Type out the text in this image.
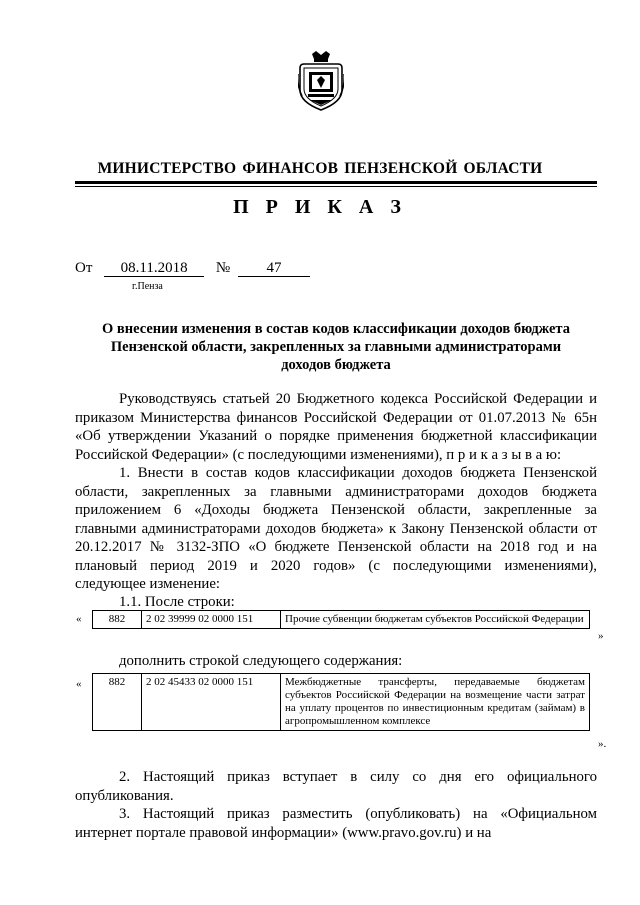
МИНИСТЕРСТВО ФИНАНСОВ ПЕНЗЕНСКОЙ ОБЛАСТИ
П Р И К А З
От 08.11.2018 № 47
г.Пенза
О внесении изменения в состав кодов классификации доходов бюджета Пензенской области, закрепленных за главными администраторами доходов бюджета

Руководствуясь статьей 20 Бюджетного кодекса Российской Федерации и приказом Министерства финансов Российской Федерации от 01.07.2013 № 65н «Об утверждении Указаний о порядке применения бюджетной классификации Российской Федерации» (с последующими изменениями), п р и к а з ы в а ю:

1. Внести в состав кодов классификации доходов бюджета Пензенской области, закрепленных за главными администраторами доходов бюджета приложением 6 «Доходы бюджета Пензенской области, закрепленные за главными администраторами доходов бюджета» к Закону Пензенской области от 20.12.2017 № 3132-ЗПО «О бюджете Пензенской области на 2018 год и на плановый период 2019 и 2020 годов» (с последующими изменениями), следующее изменение:

1.1. После строки:
« 882	2 02 39999 02 0000 151	Прочие субвенции бюджетам субъектов Российской Федерации
»
дополнить строкой следующего содержания:
« 882	2 02 45433 02 0000 151	Межбюджетные трансферты, передаваемые бюджетам субъектов Российской Федерации на возмещение части затрат на уплату процентов по инвестиционным кредитам (займам) в агропромышленном комплексе
».

2. Настоящий приказ вступает в силу со дня его официального опубликования.

3. Настоящий приказ разместить (опубликовать) на «Официальном интернет портале правовой информации» (www.pravo.gov.ru) и на
